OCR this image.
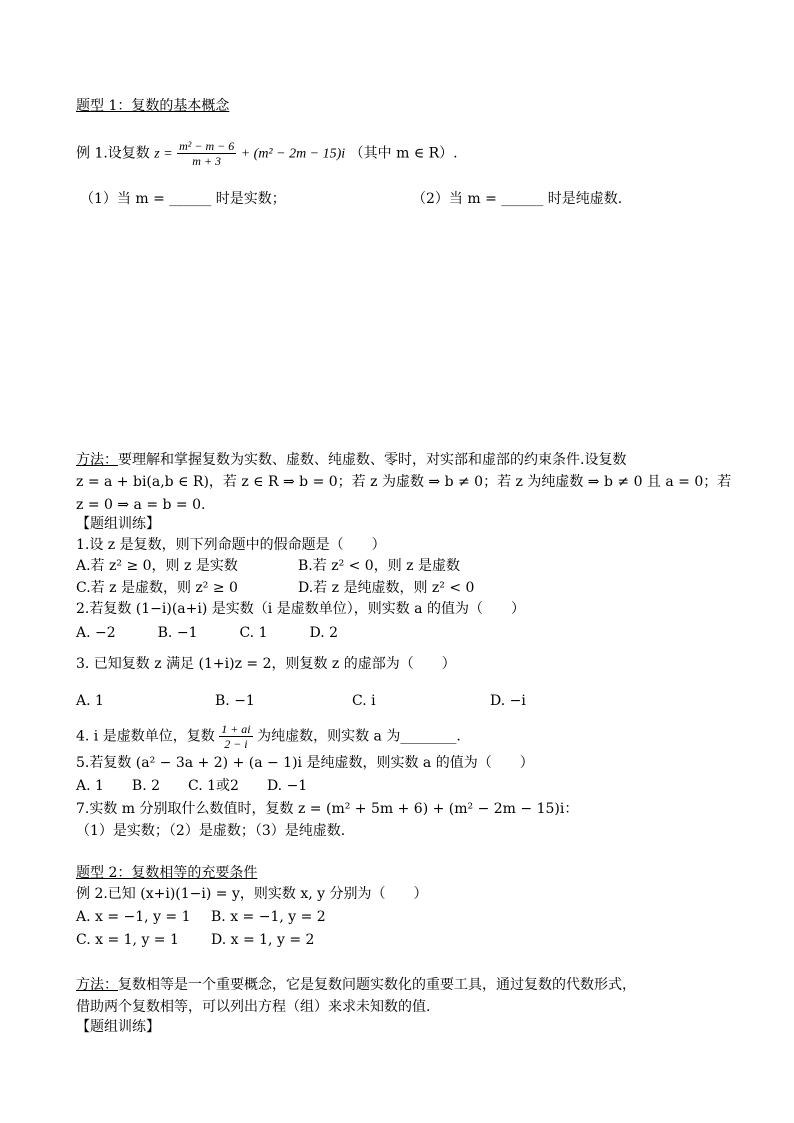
题型 1：复数的基本概念
例 1.设复数 $z = \frac{\text{m² − m − 6}}{m + 3} + (m^2 - 2m - 15)i$ （其中 m ∈ R）.
（1）当 m = ______ 时是实数；	（2）当 m = ______ 时是纯虚数.
方法：要理解和掌握复数为实数、虚数、纯虚数、零时，对实部和虚部的约束条件.设复数
z = a + bi(a,b ∈ R)，若 z ∈ R ⇒ b = 0；若 z 为虚数 ⇒ b ≠ 0；若 z 为纯虚数 ⇒ b ≠ 0 且 a = 0；若
z = 0 ⇒ a = b = 0.
【题组训练】
1.设 z 是复数，则下列命题中的假命题是（　　）
A.若 z² ≥ 0，则 z 是实数	B.若 z² < 0，则 z 是虚数
C.若 z 是虚数，则 z² ≥ 0	D.若 z 是纯虚数，则 z² < 0
2.若复数 (1−i)(a+i) 是实数（i 是虚数单位），则实数 a 的值为（　　）
A. −2　　　B. −1　　　C. 1　　　D. 2
3. 已知复数 z 满足 (1+i)z = 2，则复数 z 的虚部为（　　）
A. 1	B. −1	C. i	D. −i
4. i 是虚数单位，复数 $\frac{1 + ai}{2 - i}$ 为纯虚数，则实数 a 为________.
5.若复数 (a² − 3a + 2) + (a − 1)i 是纯虚数，则实数 a 的值为（　　）
A. 1　　B. 2　　C. 1或2　　D. −1
7.实数 m 分别取什么数值时，复数 z = (m² + 5m + 6) + (m² − 2m − 15)i：
（1）是实数；（2）是虚数；（3）是纯虚数.
题型 2：复数相等的充要条件
例 2.已知 (x+i)(1−i) = y，则实数 x, y 分别为（　　）
A. x = −1, y = 1 B. x = −1, y = 2
C. x = 1, y = 1 D. x = 1, y = 2
方法：复数相等是一个重要概念，它是复数问题实数化的重要工具，通过复数的代数形式，
借助两个复数相等，可以列出方程（组）来求未知数的值.
【题组训练】
